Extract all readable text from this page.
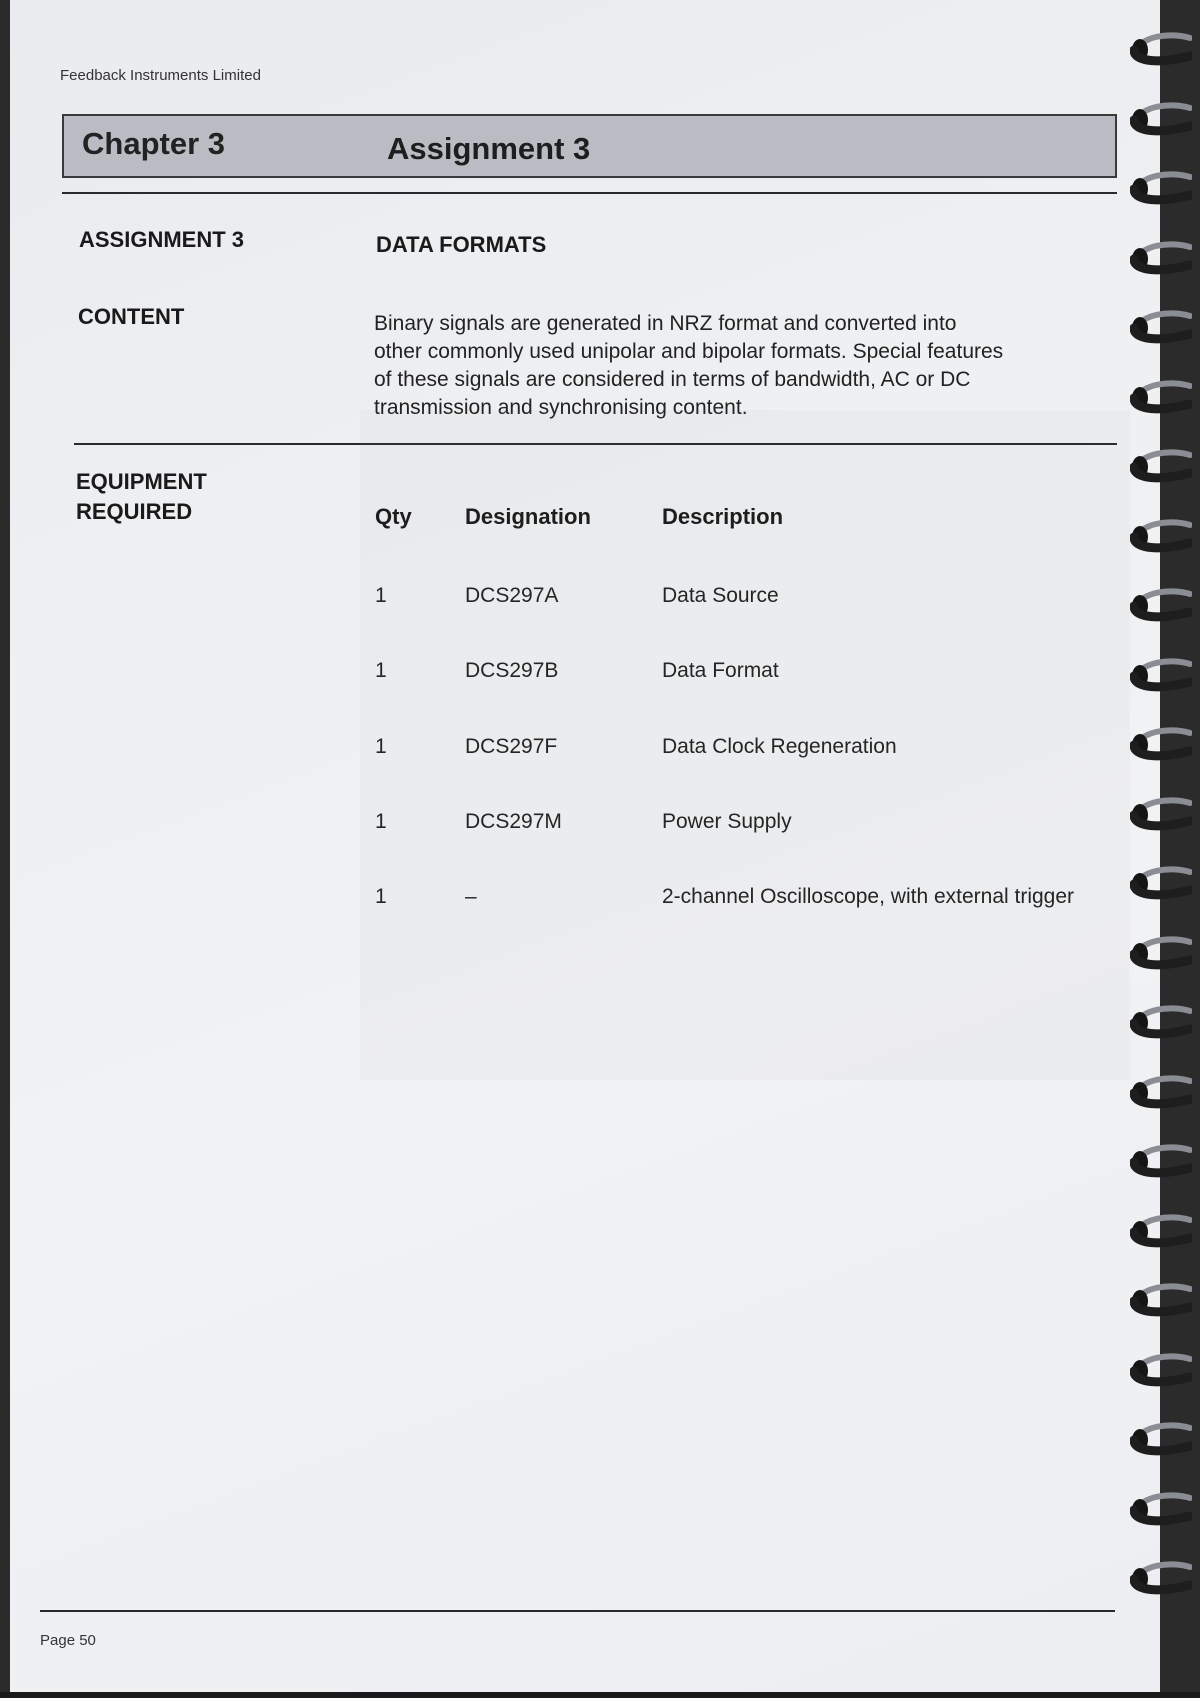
Feedback Instruments Limited
Chapter 3	Assignment 3
ASSIGNMENT 3	DATA FORMATS
CONTENT	Binary signals are generated in NRZ format and converted into
other commonly used unipolar and bipolar formats. Special features
of these signals are considered in terms of bandwidth, AC or DC
transmission and synchronising content.
EQUIPMENT
REQUIRED	Qty Designation	Description
1	DCS297A	Data Source
1	DCS297B	Data Format
1	DCS297F	Data Clock Regeneration
1	DCS297M	Power Supply
1	–	2-channel Oscilloscope, with external trigger
Page 50
